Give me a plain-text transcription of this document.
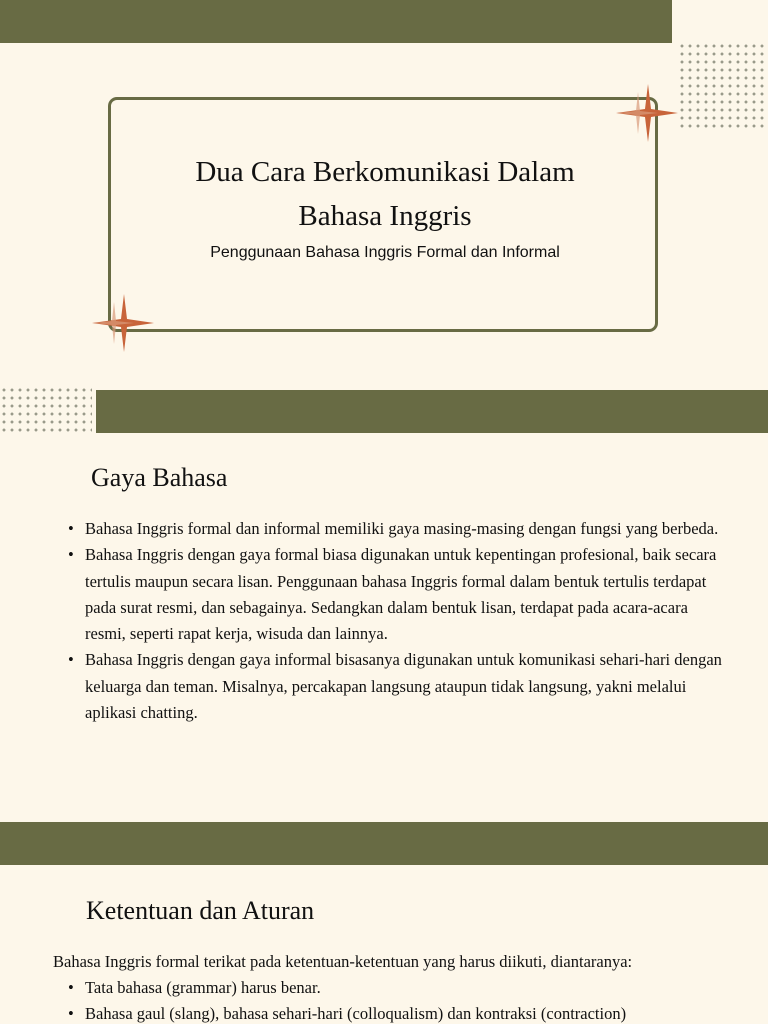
Dua Cara Berkomunikasi Dalam
Bahasa Inggris
Penggunaan Bahasa Inggris Formal dan Informal
Gaya Bahasa
• Bahasa Inggris formal dan informal memiliki gaya masing-masing dengan fungsi yang berbeda.
• Bahasa Inggris dengan gaya formal biasa digunakan untuk kepentingan profesional, baik secara tertulis maupun secara lisan. Penggunaan bahasa Inggris formal dalam bentuk tertulis terdapat pada surat resmi, dan sebagainya. Sedangkan dalam bentuk lisan, terdapat pada acara-acara resmi, seperti rapat kerja, wisuda dan lainnya.
• Bahasa Inggris dengan gaya informal bisasanya digunakan untuk komunikasi sehari-hari dengan keluarga dan teman. Misalnya, percakapan langsung ataupun tidak langsung, yakni melalui aplikasi chatting.
Ketentuan dan Aturan
Bahasa Inggris formal terikat pada ketentuan-ketentuan yang harus diikuti, diantaranya:
• Tata bahasa (grammar) harus benar.
• Bahasa gaul (slang), bahasa sehari-hari (colloqualism) dan kontraksi (contraction)
